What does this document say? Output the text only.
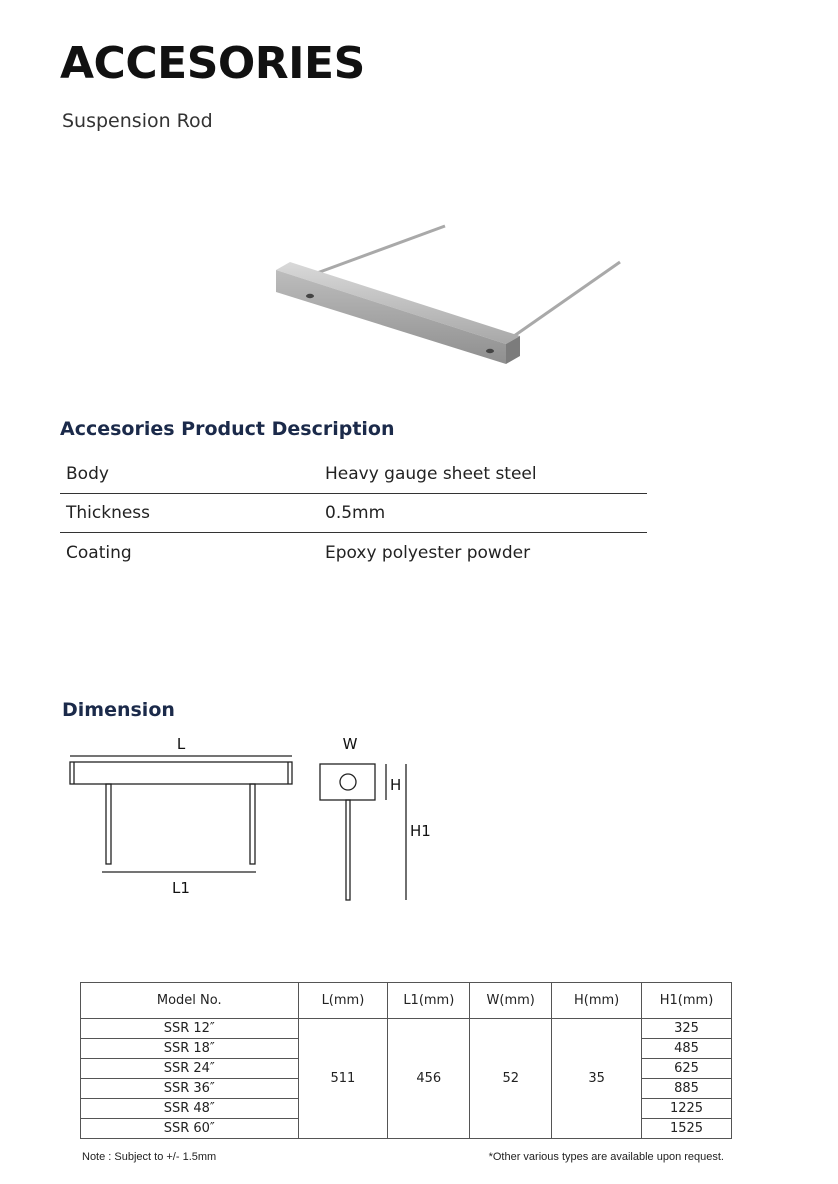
ACCESORIES

Suspension Rod

Accesories Product Description
Body	Heavy gauge sheet steel
Thickness	0.5mm
Coating	Epoxy polyester powder
Dimension
L
L1
W
H
H1
Model No.	L(mm)	L1(mm)	W(mm)	H(mm)	H1(mm)
SSR 12″	511	456	52	35	325
SSR 18″					485
SSR 24″					625
SSR 36″					885
SSR 48″					1225
SSR 60″					1525
Note : Subject to +/- 1.5mm	*Other various types are available upon request.
